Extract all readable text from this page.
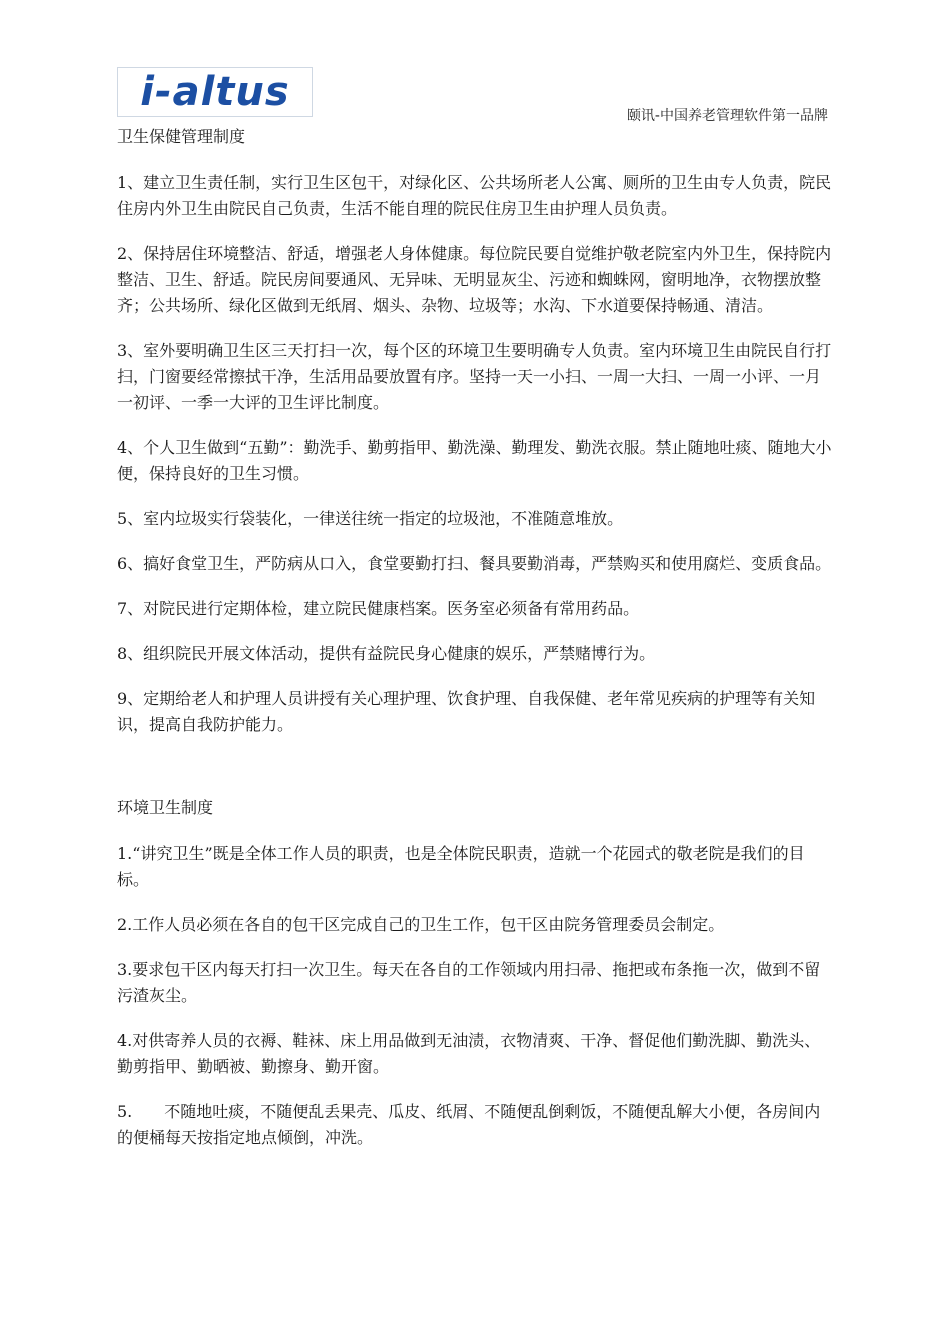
i-altus
颐讯-中国养老管理软件第一品牌

卫生保健管理制度

1、建立卫生责任制，实行卫生区包干，对绿化区、公共场所老人公寓、厕所的卫生由专人负责，院民住房内外卫生由院民自己负责，生活不能自理的院民住房卫生由护理人员负责。

2、保持居住环境整洁、舒适，增强老人身体健康。每位院民要自觉维护敬老院室内外卫生，保持院内整洁、卫生、舒适。院民房间要通风、无异味、无明显灰尘、污迹和蜘蛛网，窗明地净，衣物摆放整齐；公共场所、绿化区做到无纸屑、烟头、杂物、垃圾等；水沟、下水道要保持畅通、清洁。

3、室外要明确卫生区三天打扫一次，每个区的环境卫生要明确专人负责。室内环境卫生由院民自行打扫，门窗要经常擦拭干净，生活用品要放置有序。坚持一天一小扫、一周一大扫、一周一小评、一月一初评、一季一大评的卫生评比制度。

4、个人卫生做到“五勤”：勤洗手、勤剪指甲、勤洗澡、勤理发、勤洗衣服。禁止随地吐痰、随地大小便，保持良好的卫生习惯。

5、室内垃圾实行袋装化，一律送往统一指定的垃圾池，不准随意堆放。

6、搞好食堂卫生，严防病从口入，食堂要勤打扫、餐具要勤消毒，严禁购买和使用腐烂、变质食品。

7、对院民进行定期体检，建立院民健康档案。医务室必须备有常用药品。

8、组织院民开展文体活动，提供有益院民身心健康的娱乐，严禁赌博行为。

9、定期给老人和护理人员讲授有关心理护理、饮食护理、自我保健、老年常见疾病的护理等有关知识，提高自我防护能力。

环境卫生制度

1.“讲究卫生”既是全体工作人员的职责，也是全体院民职责，造就一个花园式的敬老院是我们的目标。

2.工作人员必须在各自的包干区完成自己的卫生工作，包干区由院务管理委员会制定。

3.要求包干区内每天打扫一次卫生。每天在各自的工作领域内用扫帚、拖把或布条拖一次，做到不留污渣灰尘。

4.对供寄养人员的衣褥、鞋袜、床上用品做到无油渍，衣物清爽、干净、督促他们勤洗脚、勤洗头、勤剪指甲、勤晒被、勤擦身、勤开窗。

5.　　不随地吐痰，不随便乱丢果壳、瓜皮、纸屑、不随便乱倒剩饭，不随便乱解大小便，各房间内的便桶每天按指定地点倾倒，冲洗。
